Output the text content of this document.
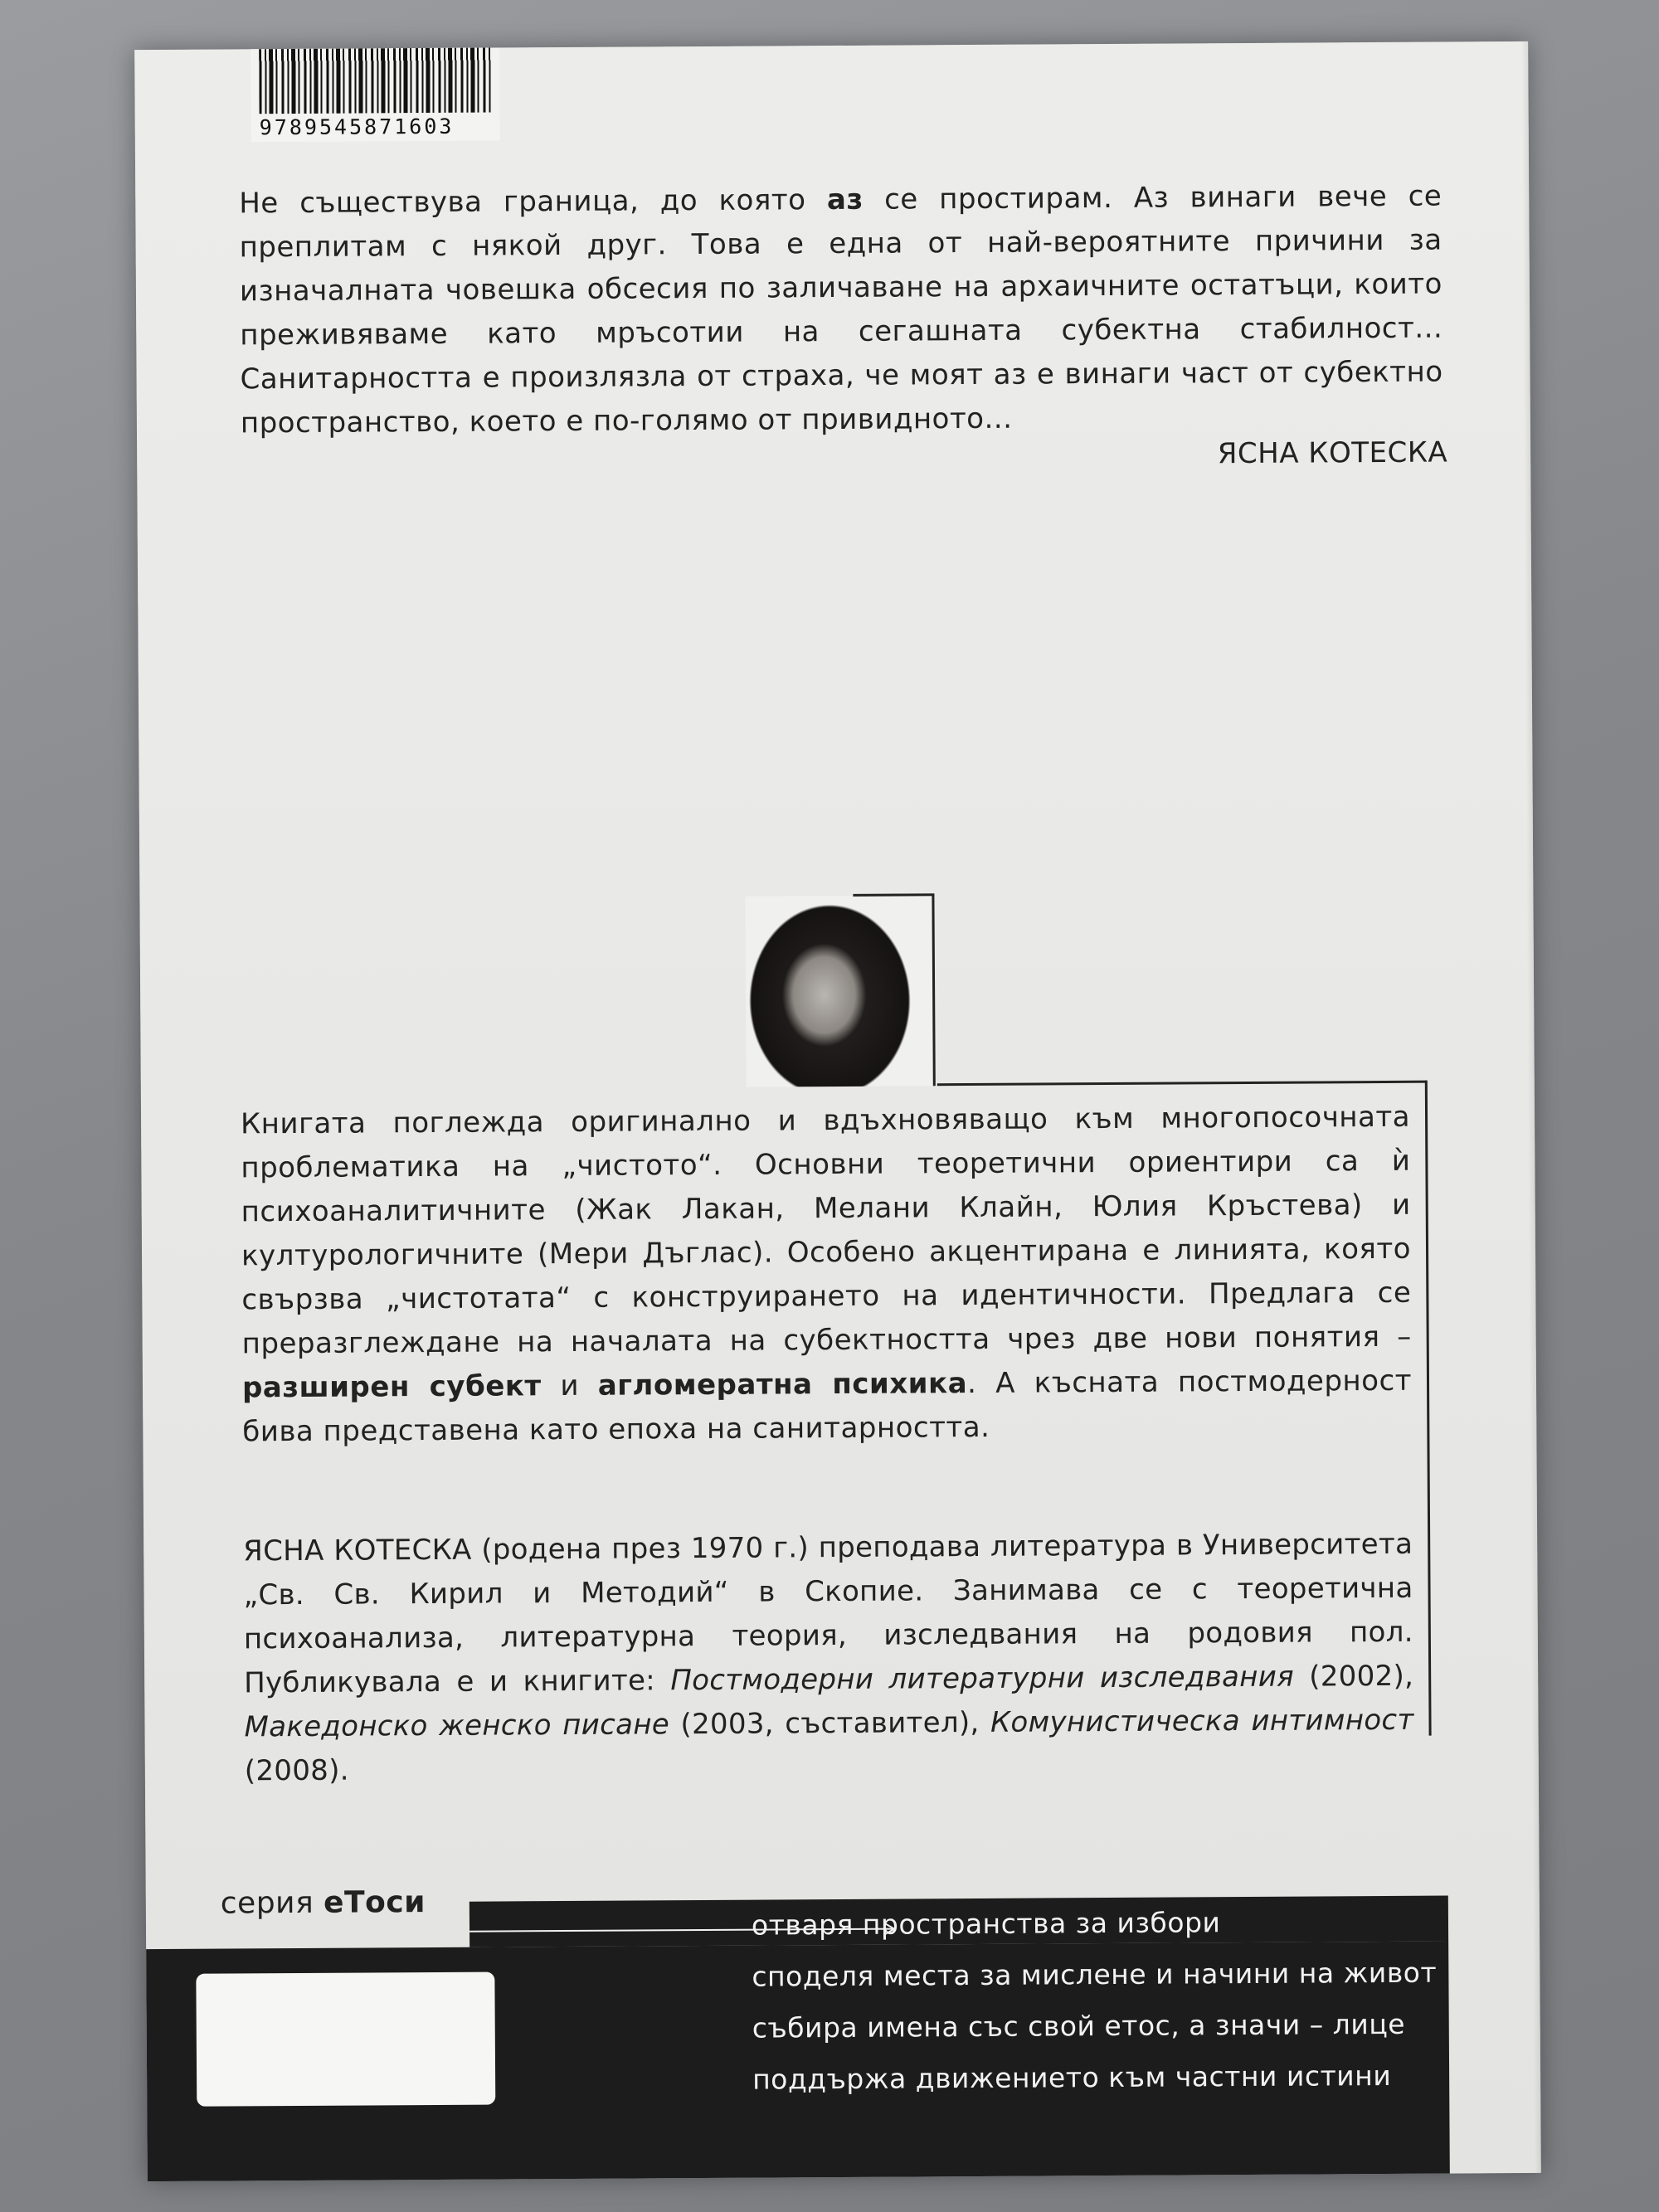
9789545871603
Не съществува граница, до която аз се простирам. Аз винаги вече се преплитам с някой друг. Това е една от най-вероятните причини за изначалната човешка обсесия по заличаване на архаичните остатъци, които преживяваме като мръсотии на сегашната субектна стабилност... Санитарността е произлязла от страха, че моят аз е винаги част от субектно пространство, което е по-голямо от привидното...
ЯСНА КОТЕСКА
Книгата поглежда оригинално и вдъхновяващо към многопосочната проблематика на „чистото“. Основни теоретични ориентири са ѝ психоаналитичните (Жак Лакан, Мелани Клайн, Юлия Кръстева) и културологичните (Мери Дъглас). Особено акцентирана е линията, която свързва „чистотата“ с конструирането на идентичности. Предлага се преразглеждане на началата на субектността чрез две нови понятия – разширен субект и агломератна психика. А късната постмодерност бива представена като епоха на санитарността.
ЯСНА КОТЕСКА (родена през 1970 г.) преподава литература в Университета „Св. Св. Кирил и Методий“ в Скопие. Занимава се с теоретична психоанализа, литературна теория, изследвания на родовия пол. Публикувала е и книгите: Постмодерни литературни изследвания (2002), Македонско женско писане (2003, съставител), Комунистическа интимност (2008).
серия eТоси
отваря пространства за избори
споделя места за мислене и начини на живот
събира имена със свой етос, а значи – лице
поддържа движението към частни истини
